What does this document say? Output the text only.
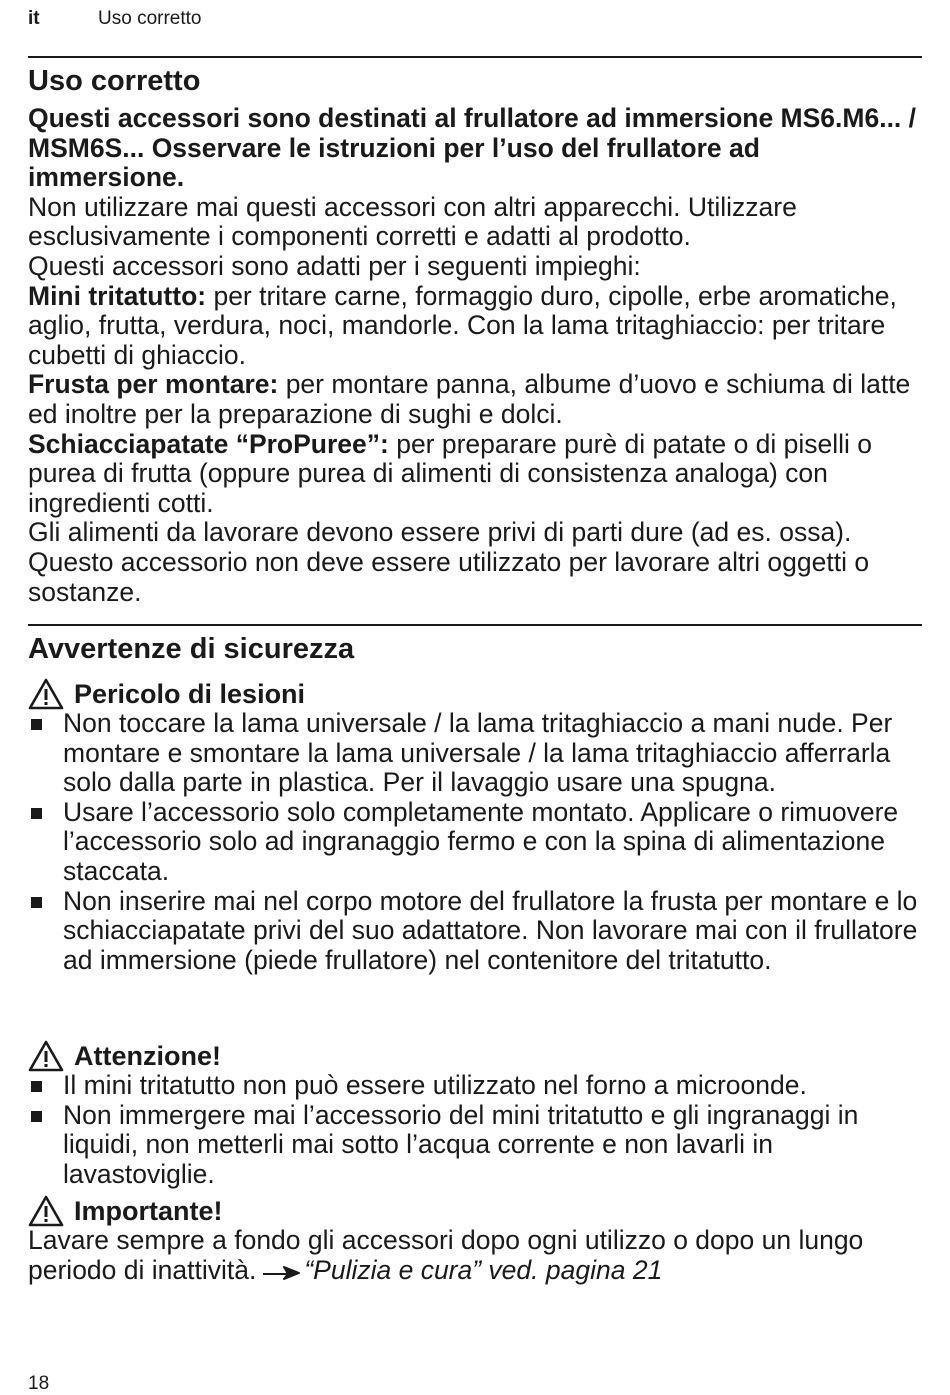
it	Uso corretto
Uso corretto

Questi accessori sono destinati al frullatore ad immersione MS6.M6... / MSM6S... Osservare le istruzioni per l’uso del frullatore ad immersione.

Non utilizzare mai questi accessori con altri apparecchi. Utilizzare esclusivamente i componenti corretti e adatti al prodotto.

Questi accessori sono adatti per i seguenti impieghi:

Mini tritatutto: per tritare carne, formaggio duro, cipolle, erbe aromatiche, aglio, frutta, verdura, noci, mandorle. Con la lama tritaghiaccio: per tritare cubetti di ghiaccio.

Frusta per montare: per montare panna, albume d’uovo e schiuma di latte ed inoltre per la preparazione di sughi e dolci.

Schiacciapatate “ProPuree”: per preparare purè di patate o di piselli o purea di frutta (oppure purea di alimenti di consistenza analoga) con ingredienti cotti.

Gli alimenti da lavorare devono essere privi di parti dure (ad es. ossa). Questo accessorio non deve essere utilizzato per lavorare altri oggetti o sostanze.

Avvertenze di sicurezza
Pericolo di lesioni
Non toccare la lama universale / la lama tritaghiaccio a mani nude. Per montare e smontare la lama universale / la lama tritaghiaccio afferrarla solo dalla parte in plastica. Per il lavaggio usare una spugna.
Usare l’accessorio solo completamente montato. Applicare o rimuovere l’accessorio solo ad ingranaggio fermo e con la spina di alimentazione staccata.
Non inserire mai nel corpo motore del frullatore la frusta per montare e lo schiacciapatate privi del suo adattatore. Non lavorare mai con il frullatore ad immersione (piede frullatore) nel contenitore del tritatutto.
Attenzione!
Il mini tritatutto non può essere utilizzato nel forno a microonde.
Non immergere mai l’accessorio del mini tritatutto e gli ingranaggi in liquidi, non metterli mai sotto l’acqua corrente e non lavarli in lavastoviglie.
Importante!

Lavare sempre a fondo gli accessori dopo ogni utilizzo o dopo un lungo periodo di inattività. “Pulizia e cura” ved. pagina 21

18
